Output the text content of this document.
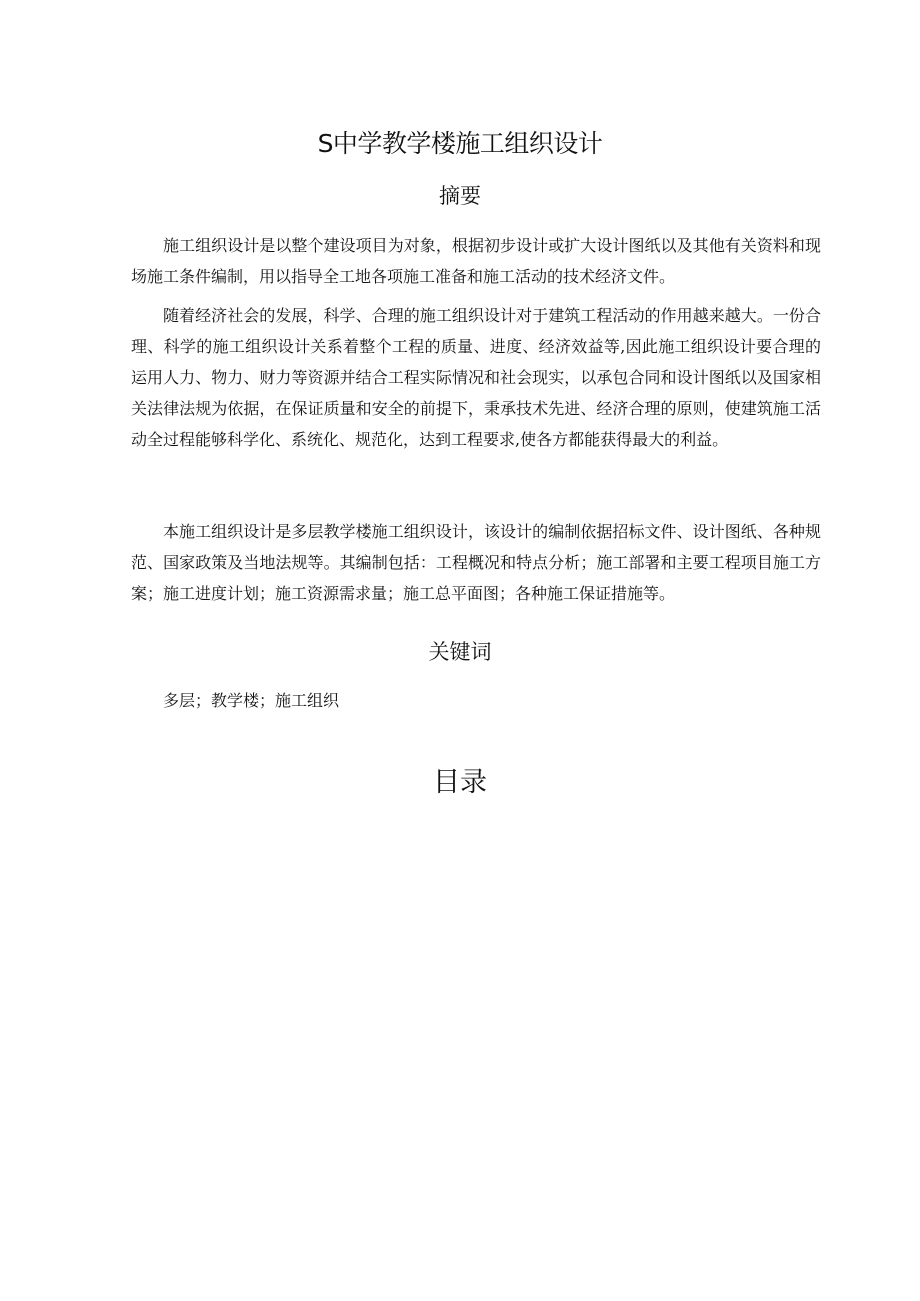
S中学教学楼施工组织设计
摘要

施工组织设计是以整个建设项目为对象，根据初步设计或扩大设计图纸以及其他有关资料和现场施工条件编制，用以指导全工地各项施工准备和施工活动的技术经济文件。

随着经济社会的发展，科学、合理的施工组织设计对于建筑工程活动的作用越来越大。一份合理、科学的施工组织设计关系着整个工程的质量、进度、经济效益等,因此施工组织设计要合理的运用人力、物力、财力等资源并结合工程实际情况和社会现实，以承包合同和设计图纸以及国家相关法律法规为依据，在保证质量和安全的前提下，秉承技术先进、经济合理的原则，使建筑施工活动全过程能够科学化、系统化、规范化，达到工程要求,使各方都能获得最大的利益。

本施工组织设计是多层教学楼施工组织设计，该设计的编制依据招标文件、设计图纸、各种规范、国家政策及当地法规等。其编制包括：工程概况和特点分析；施工部署和主要工程项目施工方案；施工进度计划；施工资源需求量；施工总平面图；各种施工保证措施等。

关键词

多层；教学楼；施工组织

目录
